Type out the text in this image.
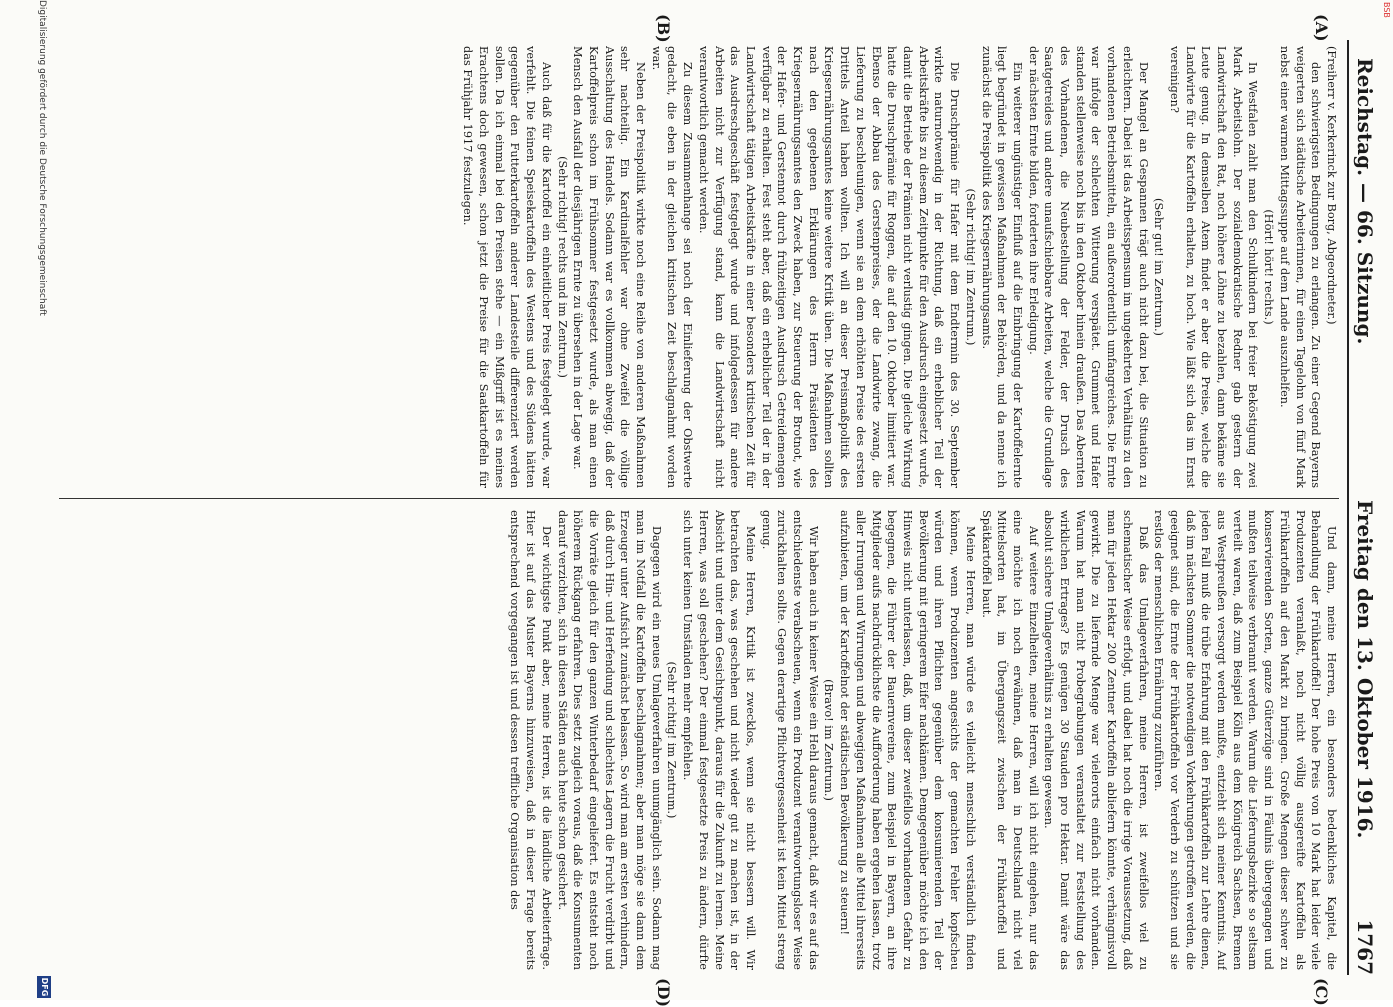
Reichstag. — 66. Sitzung.
Freitag den 13. Oktober 1916.
1767
(A)
(B)
(C)
(D)

(Freiherr v. Kerkerinck zur Borg, Abgeordneter.)

den schwierigsten Bedingungen zu erlangen. Zu einer Gegend Bayerns weigerten sich städtische Arbeiterinnen, für einen Tagelohn von fünf Mark nebst einer warmen Mittagssuppe auf dem Lande auszuhelfen.

(Hört! hört! rechts.)

In Westfalen zahlt man den Schulkindern bei freier Beköstigung zwei Mark Arbeitslohn. Der sozialdemokratische Redner gab gestern der Landwirtschaft den Rat, noch höhere Löhne zu bezahlen, dann bekäme sie Leute genug. In demselben Atem findet er aber die Preise, welche die Landwirte für die Kartoffeln erhalten, zu hoch. Wie läßt sich das im Ernst vereinigen?

(Sehr gut! im Zentrum.)

Der Mangel an Gespannen trägt auch nicht dazu bei, die Situation zu erleichtern. Dabei ist das Arbeitsspensum im ungekehrten Verhältnis zu den vorhandenen Betriebsmitteln, ein außerordentlich umfangreiches. Die Ernte war infolge der schlechten Witterung verspätet. Grummet und Hafer standen stellenweise noch bis in den Oktober hinein draußen. Das Abernten des Vorhandenen, die Neubestellung der Felder, der Drusch des Saatgetreides und andere unaufschiebbare Arbeiten, welche die Grundlage der nächsten Ernte bilden, forderten ihre Erledigung.

Ein weiterer ungünstiger Einfluß auf die Einbringung der Kartoffelernte liegt begründet in gewissen Maßnahmen der Behörden, und da nenne ich zunächst die Preispolitik des Kriegsernährungsamts.

(Sehr richtig! im Zentrum.)

Die Druschprämie für Hafer mit dem Endtermin des 30. September wirkte naturnotwendig in der Richtung, daß ein erheblicher Teil der Arbeitskräfte bis zu diesem Zeitpunkte für den Ausdrusch eingesetzt wurde, damit die Betriebe der Prämien nicht verlustig gingen. Die gleiche Wirkung hatte die Druschprämie für Roggen, die auf den 10. Oktober limitiert war. Ebenso der Abbau des Gerstenpreises, der die Landwirte zwang, die Lieferung zu beschleunigen, wenn sie an dem erhöhten Preise des ersten Drittels Anteil haben wollten. Ich will an dieser Preismaßpolitik des Kriegsernährungsamtes keine weitere Kritik üben. Die Maßnahmen sollten nach den gegebenen Erklärungen des Herrn Präsidenten des Kriegsernährungsamtes den Zweck haben, zur Steuerung der Brotnot, wie der Hafer- und Gerstennot durch frühzeitigen Ausdrusch Getreidemengen verfügbar zu erhalten. Fest steht aber, daß ein erheblicher Teil der in der Landwirtschaft tätigen Arbeitskräfte in einer besonders kritischen Zeit für das Ausdreschgeschäft festgelegt wurde und infolgedessen für andere Arbeiten nicht zur Verfügung stand, kann die Landwirtschaft nicht verantwortlich gemacht werden.

Zu diesem Zusammenhange sei noch der Einlieferung der Obstwerte gedacht, die eben in der gleichen kritischen Zeit beschlagnahmt worden war.

Neben der Preispolitik wirkte noch eine Reihe von anderen Maßnahmen sehr nachteilig. Ein Kardinalfehler war ohne Zweifel die völlige Ausschaltung des Handels. Sodann war es vollkommen abwegig, daß der Kartoffelpreis schon im Frühsommer festgesetzt wurde, als man einen Mensch den Ausfall der diesjährigen Ernte zu übersehen in der Lage war.

(Sehr richtig! rechts und im Zentrum.)

Auch daß für die Kartoffel ein einheitlicher Preis festgelegt wurde, war verfehlt. Die feinen Speisekartoffeln des Westens und des Südens hätten gegenüber den Futterkartoffeln anderer Landesteile differenziert werden sollen. Da ich einmal bei den Preisen stehe — ein Mißgriff ist es meines Erachtens doch gewesen, schon jetzt die Preise für die Saatkartoffeln für das Frühjahr 1917 festzulegen.

Und dann, meine Herren, ein besonders bedenkliches Kapitel, die Behandlung der Frühkartoffel! Der hohe Preis von 10 Mark hat leider viele Produzenten veranlaßt, noch nicht völlig ausgereifte Kartoffeln als Frühkartoffeln auf den Markt zu bringen. Große Mengen dieser schwer zu konservierenden Sorten, ganze Güterzüge sind in Fäulnis übergegangen und mußten teilweise verbrannt werden. Warum die Lieferungsbezirke so seltsam verteilt waren, daß zum Beispiel Köln aus dem Königreich Sachsen, Bremen aus Westpreußen versorgt werden mußte, entzieht sich meiner Kenntnis. Auf jeden Fall muß die trübe Erfahrung mit den Frühkartoffeln zur Lehre dienen, daß im nächsten Sommer die notwendigen Vorkehrungen getroffen werden, die geeignet sind, die Ernte der Frühkartoffeln vor Verderb zu schützen und sie restlos der menschlichen Ernährung zuzuführen.

Daß das Umlageverfahren, meine Herren, ist zweifellos viel zu schematischer Weise erfolgt, und dabei hat noch die irrige Voraussetzung, daß man für jeden Hektar 200 Zentner Kartoffeln abliefern könnte, verhängnisvoll gewirkt. Die zu liefernde Menge war vielerorts einfach nicht vorhanden. Warum hat man nicht Probegrabungen veranstaltet zur Feststellung des wirklichen Ertrages? Es genügen 30 Stauden pro Hektar. Damit wäre das absolut sichere Umlageverhältnis zu erhalten gewesen.

Auf weitere Einzelheiten, meine Herren, will ich nicht eingehen, nur das eine möchte ich noch erwähnen, daß man in Deutschland nicht viel Mittelsorten hat, im Übergangszeit zwischen der Frühkartoffel und Spätkartoffel baut.

Meine Herren, man würde es vielleicht menschlich verständlich finden können, wenn Produzenten angesichts der gemachten Fehler kopfscheu würden und ihren Pflichten gegenüber dem konsumierenden Teil der Bevölkerung mit geringerem Eifer nachkämen. Demgegenüber möchte ich den Hinweis nicht unterlassen, daß, um dieser zweifellos vorhandenen Gefahr zu begegnen, die Führer der Bauernvereine, zum Beispiel in Bayern, an ihre Mitglieder aufs nachdrücklichste die Aufforderung haben ergehen lassen, trotz aller Irrungen und Wirrungen und abwegigen Maßnahmen alle Mittel ihrerseits aufzubieten, um der Kartoffelnot der städtischen Bevölkerung zu steuern!

(Bravo! im Zentrum.)

Wir haben auch in keiner Weise ein Hehl daraus gemacht, daß wir es auf das entschiedenste verabscheuen, wenn ein Produzent verantwortungsloser Weise zurückhalten sollte. Gegen derartige Pflichtvergessenheit ist kein Mittel streng genug.

Meine Herren, Kritik ist zwecklos, wenn sie nicht bessern will. Wir betrachten das, was geschehen und nicht wieder gut zu machen ist, in der Absicht und unter dem Gesichtspunkt, daraus für die Zukunft zu lernen. Meine Herren, was soll geschehen? Der einmal festgesetzte Preis zu ändern, dürfte sich unter keinen Umständen mehr empfehlen.

(Sehr richtig! im Zentrum.)

Dagegen wird ein neues Umlageverfahren unumgänglich sein. Sodann mag man im Notfall die Kartoffeln beschlagnahmen; aber man möge sie dann dem Erzeuger unter Aufsicht zunächst belassen. So wird man am ersten verhindern, daß durch Hin- und Herfendung und schlechtes Lagern die Frucht verdirbt und die Vorräte gleich für den ganzen Winterbedarf eingeliefert. Es entsteht noch höherem Rückgang erfahren. Dies setzt zugleich voraus, daß die Konsumenten darauf verzichten, sich in diesen Städten auch heute schon gesichert.

Der wichtigste Punkt aber, meine Herren, ist die ländliche Arbeiterfrage. Hier ist auf das Muster Bayerns hinzuweisen, daß in dieser Frage bereits entsprechend vorgegangen ist und dessen treffliche Organisation des

Digitalisierung gefördert durch die Deutsche Forschungsgemeinschaft
DFG
BSB
